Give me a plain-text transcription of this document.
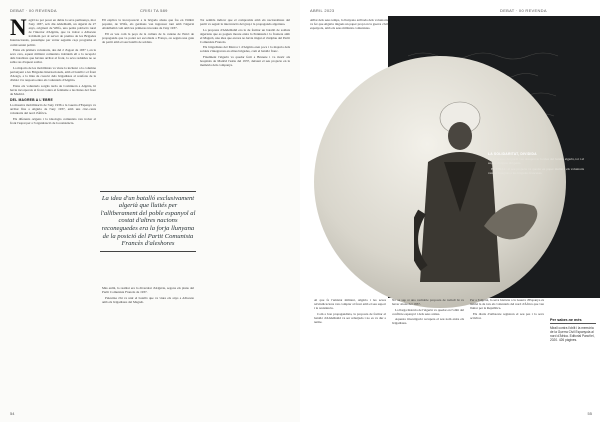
DEBAT · 00 REVENDA	CRISI TA 589
N egirl no pot posar en dubte la seva pertinença, mor l'any 1937, se'n diu Abdelhaldi, un algerià de 27 anys, originari de Wilfa, una petita població rural de l'interior d'Algèria, que va trobar a Albacete trobàlem per al servei de premsa de les Brigades Internacionals, presumpte per vetrar seguida caçe programa al comit sentat polític.

Entre els primers voluntaris, des del 2 d'agost de 1937 i, en la seva cara, aquest militant comunista trobàlem ell a la recepció dels batallons que havien arribat al front, la seva reduïdes no se sabia res d'aquest soldat.

La majoria de les mobilitzats va viure la inclusió a la columna pertanyent a les Brigades Internacionals, amb el batalló i el front d'Aragó, a la línia de creació dels brigadistes al rerefons de la divisió i la resposta entre els voluntaris d'Algèria.

Entre els voluntaris sorgits tarda de Comintern a Algèria, hi havia incorporats al front contra el feixisme a les línies del front de Madrid.

DEL MAGREB A L'EBRE

La massiva mobilització de l'any 1936 a la Guerra d'Espanya va arribar fins a Algèria de l'any 1937, amb uns cinc-cents voluntaris del nord d'Àfrica.

Els diferents orígens i la ideologia comunista van trobar al front l'espai per a l'organització de la resistència.

Ell explica la incorporació a la brigada abans que fos en l'àmbit popular, de Wilfa, els germans van ingressar tant amb l'algerià Abdelhalid com amb les primeres trucades de l'any 1937.

Ell es veu com la peça de la cultura de la cadena de l'inici de propaganda que va poder ser escoltada a França, on seguia una guia de partit amb el seu batalló de soldats.

La idea d'un batalló exclusivament algerià que lluités per l'alliberament del poble espanyol al costat d'altres nacions reconeguedes era la forja llunyana de la posició del Partit Comunista Francès d'aleshores

Més enllà, la realitat era la diversitat d'Algèria, segons els plans del Partit Comunista Francès de 1937.

Palestina s'hi va unir el batalló que va viure els anys a Albacete amb els brigadistes del Magreb.

Tot sembla indicar que el compromís amb els nacionalistes del partit va seguir la intervenció del grup i la propaganda algeriana.

La proposta d'Abdelhalid era la de formar un batalló de soldats algerians que es pogués moure entre la Península i la frontera amb el Magreb, una idea que encara no havia tingut el vistiplau del Partit Comunista Francès.

Els brigadistes del Marroc i d'Algèria eren pocs i la majoria dels soldats s'integraven en altres brigades, com el batalló franc.

Finalment l'algerià va quedar ferit a Brunete i va morir als hospitals de Madrid l'estiu del 1937, deixant el seu projecte en la memòria dels companys.

54
ABRIL 2023	DEBAT · 00 REVENDA
55

Aïllat dels seus temps, la llunyana arribada dels voluntaris va fer que Algèria tingués un paper propi en la guerra civil espanyola, amb els seus militants comunistes.

Al que fa l'amistat militant, Algèria i les seves reivindicacions van comptar al front amb el seu suport i la resistència.

Com a bon propagandista, la proposta de formar el batalló d'Abdelhalid va ser rebutjada i no es va dur a terme.

No se sap si una veritable proposta de treball hi va haver abans del 1937.

La llarga història de l'algerià va quedar en l'oblit del conflicte espanyol i dels seus arxius.

Aquesta investigació recupera el seu nom entre els brigadistes.

Per a l'algerià, la seva història a la Guerra d'Espanya és també la de tots els voluntaris del nord d'Àfrica que van lluitar per la República.

Els diaris d'Albacete registren el seu pas i la seva activitat.

LA SOLIDARITAT, DIVIDIDA

Els francesos del partit van desaprovar la idea del batalló algerià, tot i el suport d'alguns dirigents.

EL FINAL: el seu projecte va quedar en paper mullat i els voluntaris van ser integrats a les brigades franceses.

Per saber-ne més
Mirall contra l'oblit i la memòria de la Guerra Civil Espanyola al nord d'Àfrica. Editorial Paral·lel, 2020. 426 pàgines.
